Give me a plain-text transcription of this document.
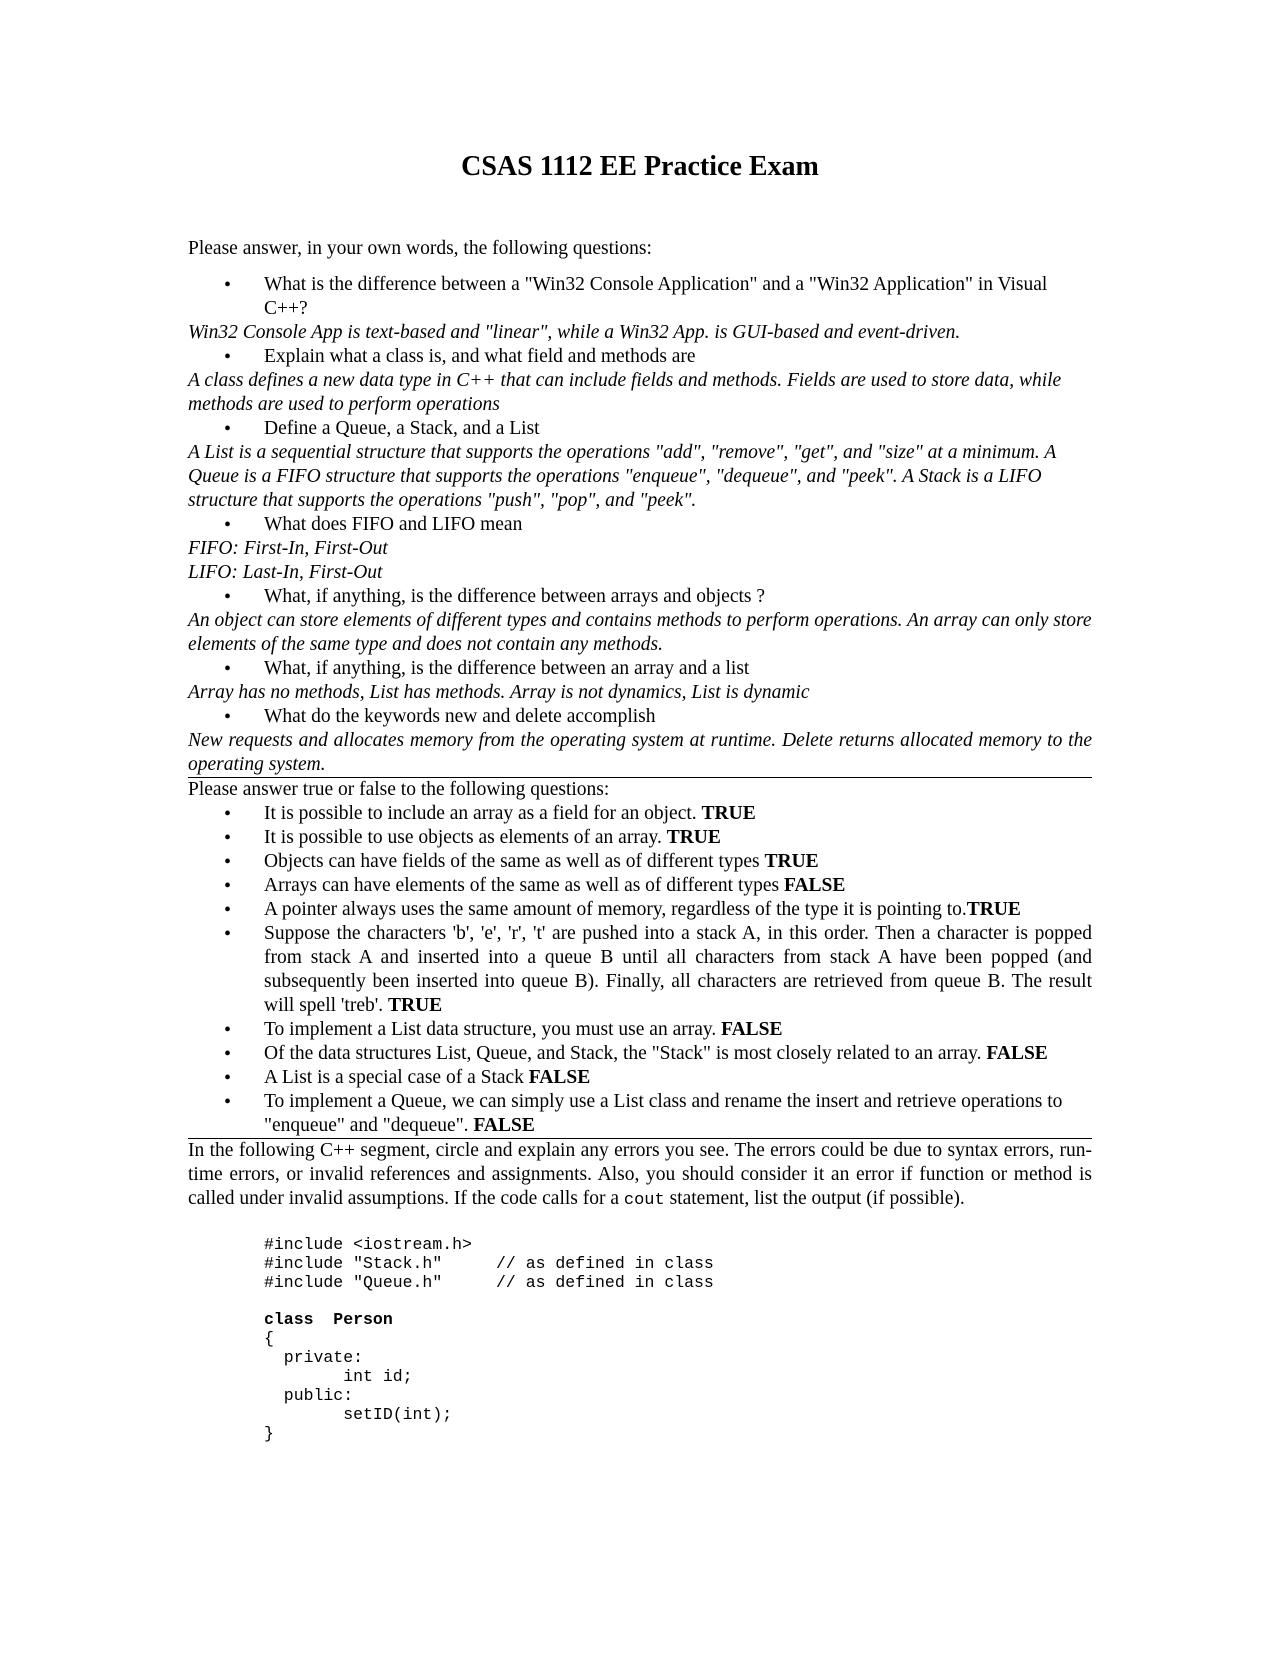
CSAS 1112 EE Practice Exam

Please answer, in your own words, the following questions:

• What is the difference between a "Win32 Console Application" and a "Win32 Application" in Visual C++?

Win32 Console App is text-based and "linear", while a Win32 App. is GUI-based and event-driven.

• Explain what a class is, and what field and methods are

A class defines a new data type in C++ that can include fields and methods. Fields are used to store data, while methods are used to perform operations

• Define a Queue, a Stack, and a List

A List is a sequential structure that supports the operations "add", "remove", "get", and "size" at a minimum. A Queue is a FIFO structure that supports the operations "enqueue", "dequeue", and "peek". A Stack is a LIFO structure that supports the operations "push", "pop", and "peek".

• What does FIFO and LIFO mean

FIFO: First-In, First-Out

LIFO: Last-In, First-Out

• What, if anything, is the difference between arrays and objects ?

An object can store elements of different types and contains methods to perform operations. An array can only store elements of the same type and does not contain any methods.

• What, if anything, is the difference between an array and a list

Array has no methods, List has methods. Array is not dynamics, List is dynamic

• What do the keywords new and delete accomplish

New requests and allocates memory from the operating system at runtime. Delete returns allocated memory to the operating system.

Please answer true or false to the following questions:

• It is possible to include an array as a field for an object. TRUE
• It is possible to use objects as elements of an array. TRUE
• Objects can have fields of the same as well as of different types TRUE
• Arrays can have elements of the same as well as of different types FALSE
• A pointer always uses the same amount of memory, regardless of the type it is pointing to.TRUE
• Suppose the characters 'b', 'e', 'r', 't' are pushed into a stack A, in this order. Then a character is popped from stack A and inserted into a queue B until all characters from stack A have been popped (and subsequently been inserted into queue B). Finally, all characters are retrieved from queue B. The result will spell 'treb'. TRUE
• To implement a List data structure, you must use an array. FALSE
• Of the data structures List, Queue, and Stack, the "Stack" is most closely related to an array. FALSE
• A List is a special case of a Stack FALSE
• To implement a Queue, we can simply use a List class and rename the insert and retrieve operations to "enqueue" and "dequeue". FALSE

In the following C++ segment, circle and explain any errors you see. The errors could be due to syntax errors, run-time errors, or invalid references and assignments. Also, you should consider it an error if function or method is called under invalid assumptions. If the code calls for a cout statement, list the output (if possible).

#include <iostream.h>
#include "Stack.h"	// as defined in class
#include "Queue.h"	// as defined in class
class  Person
{
private:
int id;
public:
setID(int);
}
